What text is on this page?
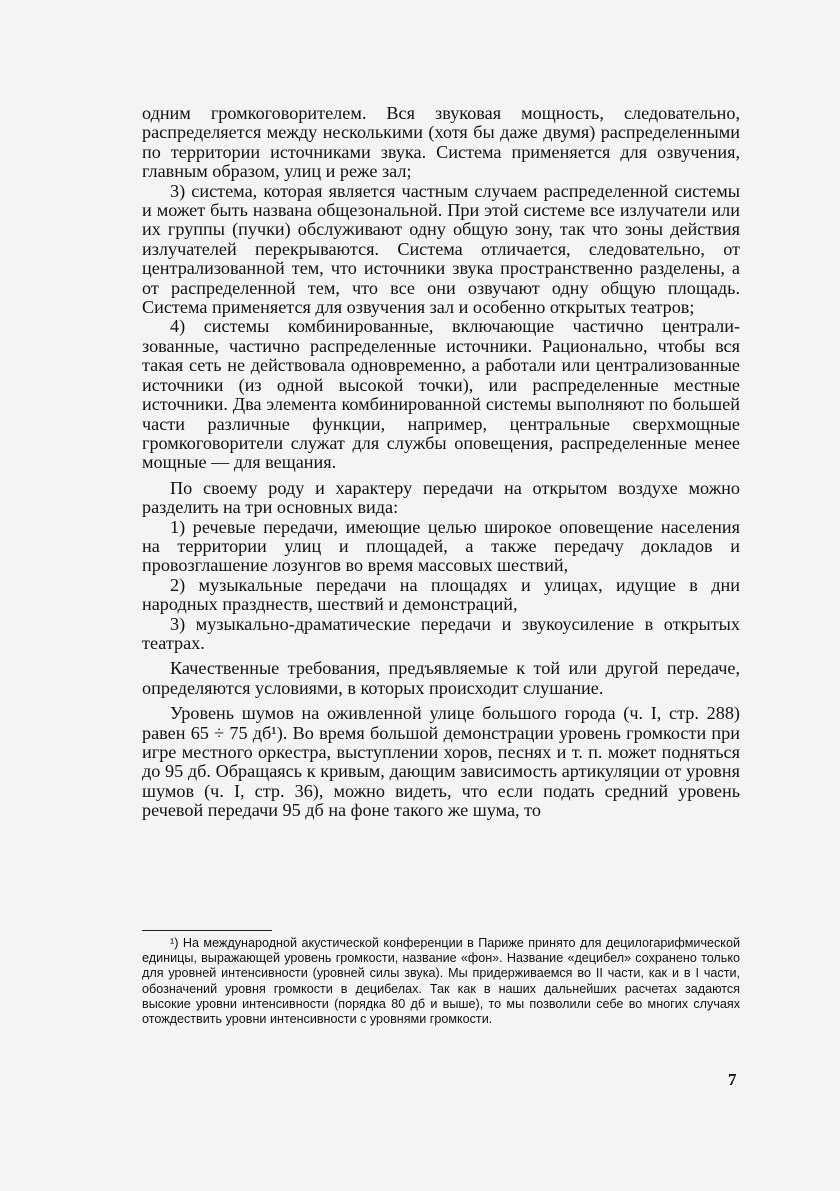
одним громкоговорителем. Вся звуковая мощность, следовательно, распределяется между несколькими (хотя бы даже двумя) распределенными по территории источниками звука. Система применяется для озвучения, главным образом, улиц и реже зал;

3) система, которая является частным случаем распределенной системы и может быть названа общезональной. При этой системе все излучатели или их группы (пучки) обслуживают одну общую зону, так что зоны действия излучателей перекрываются. Система отличается, следовательно, от централизованной тем, что источники звука пространственно разделены, а от распределенной тем, что все они озвучают одну общую площадь. Система применяется для озвучения зал и особенно открытых театров;

4) системы комбинированные, включающие частично централизованные, частично распределенные источники. Рационально, чтобы вся такая сеть не действовала одновременно, а работали или централизованные источники (из одной высокой точки), или распределенные местные источники. Два элемента комбинированной системы выполняют по большей части различные функции, например, центральные сверхмощные громкоговорители служат для службы оповещения, распределенные менее мощные — для вещания.

По своему роду и характеру передачи на открытом воздухе можно разделить на три основных вида:

1) речевые передачи, имеющие целью широкое оповещение населения на территории улиц и площадей, а также передачу докладов и провозглашение лозунгов во время массовых шествий,

2) музыкальные передачи на площадях и улицах, идущие в дни народных празднеств, шествий и демонстраций,

3) музыкально-драматические передачи и звукоусиление в открытых театрах.

Качественные требования, предъявляемые к той или другой передаче, определяются условиями, в которых происходит слушание.

Уровень шумов на оживленной улице большого города (ч. I, стр. 288) равен 65 ÷ 75 дб¹). Во время большой демонстрации уровень громкости при игре местного оркестра, выступлении хоров, песнях и т. п. может подняться до 95 дб. Обращаясь к кривым, дающим зависимость артикуляции от уровня шумов (ч. I, стр. 36), можно видеть, что если подать средний уровень речевой передачи 95 дб на фоне такого же шума, то

¹) На международной акустической конференции в Париже принято для децилогарифмической единицы, выражающей уровень громкости, название «фон». Название «децибел» сохранено только для уровней интенсивности (уровней силы звука). Мы придерживаемся во II части, как и в I части, обозначений уровня громкости в децибелах. Так как в наших дальнейших расчетах задаются высокие уровни интенсивности (порядка 80 дб и выше), то мы позволили себе во многих случаях отождествить уровни интенсивности с уровнями громкости.

7
